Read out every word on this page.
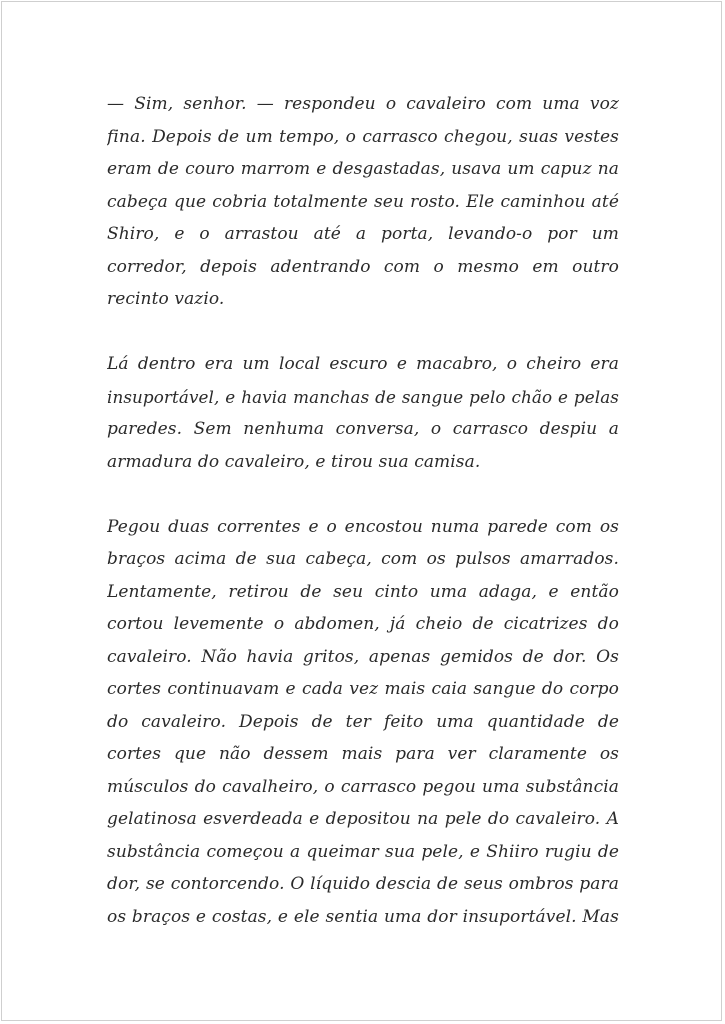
— Sim, senhor. — respondeu o cavaleiro com uma voz
fina. Depois de um tempo, o carrasco chegou, suas vestes
eram de couro marrom e desgastadas, usava um capuz na
cabeça que cobria totalmente seu rosto. Ele caminhou até
Shiro, e o arrastou até a porta, levando-o por um
corredor, depois adentrando com o mesmo em outro
recinto vazio.
Lá dentro era um local escuro e macabro, o cheiro era
insuportável, e havia manchas de sangue pelo chão e pelas
paredes. Sem nenhuma conversa, o carrasco despiu a
armadura do cavaleiro, e tirou sua camisa.
Pegou duas correntes e o encostou numa parede com os
braços acima de sua cabeça, com os pulsos amarrados.
Lentamente, retirou de seu cinto uma adaga, e então
cortou levemente o abdomen, já cheio de cicatrizes do
cavaleiro. Não havia gritos, apenas gemidos de dor. Os
cortes continuavam e cada vez mais caia sangue do corpo
do cavaleiro. Depois de ter feito uma quantidade de
cortes que não dessem mais para ver claramente os
músculos do cavalheiro, o carrasco pegou uma substância
gelatinosa esverdeada e depositou na pele do cavaleiro. A
substância começou a queimar sua pele, e Shiiro rugiu de
dor, se contorcendo. O líquido descia de seus ombros para
os braços e costas, e ele sentia uma dor insuportável. Mas
